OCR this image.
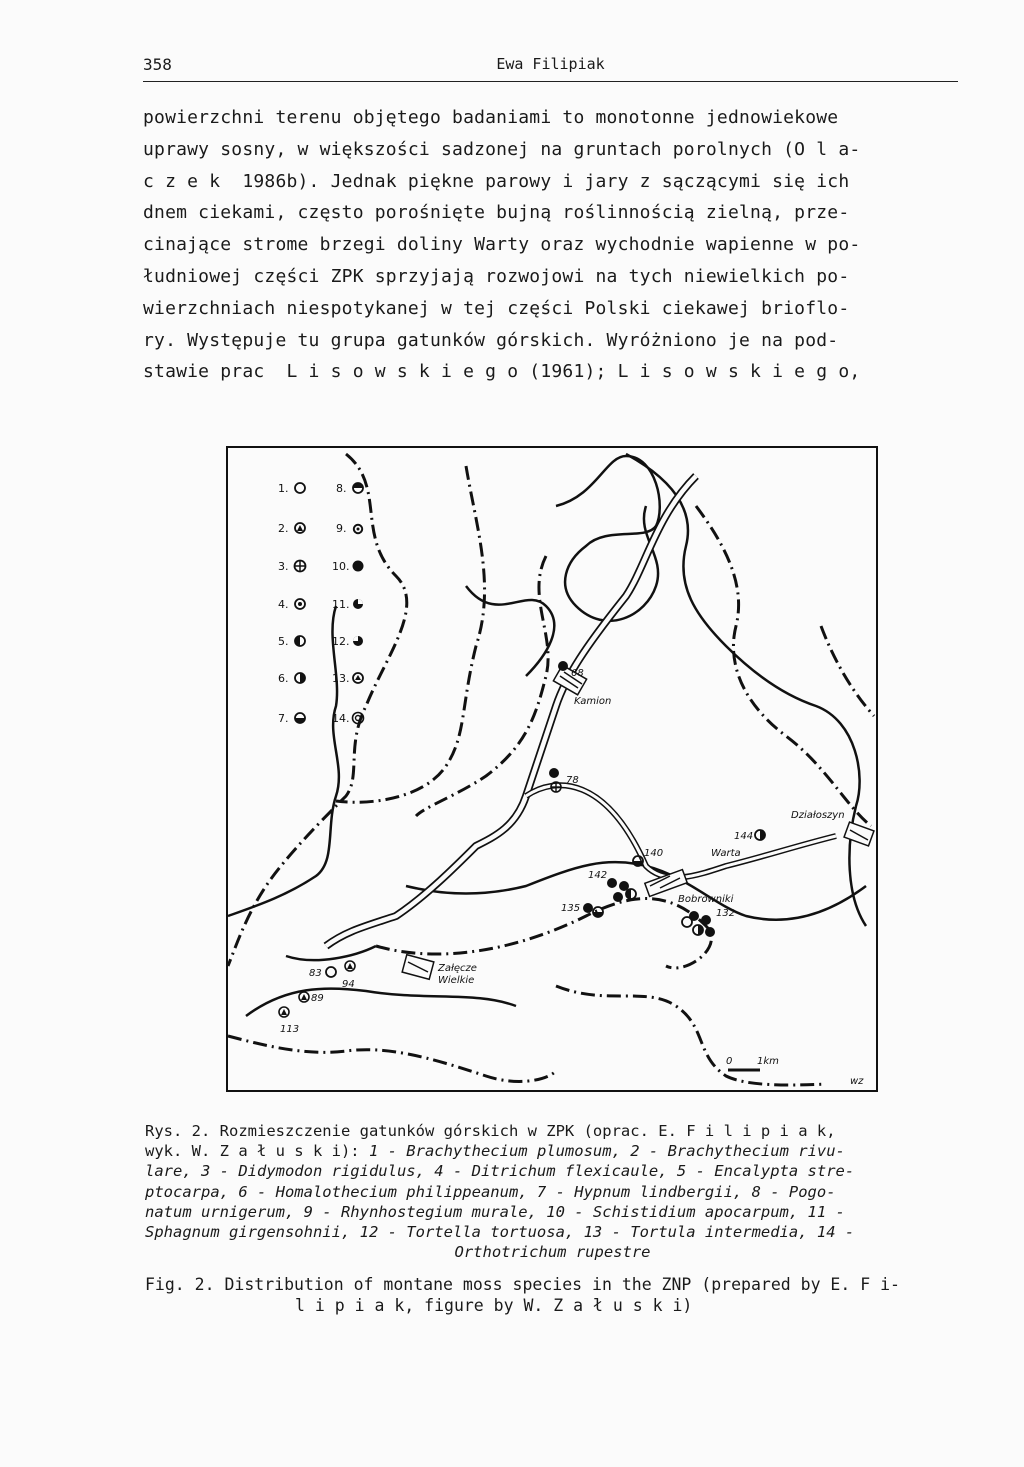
358	Ewa Filipiak
powierzchni terenu objętego badaniami to monotonne jednowiekowe
uprawy sosny, w większości sadzonej na gruntach porolnych (O l a-
c z e k  1986b). Jednak piękne parowy i jary z sączącymi się ich
dnem ciekami, często porośnięte bujną roślinnością zielną, prze-
cinające strome brzegi doliny Warty oraz wychodnie wapienne w po-
łudniowej części ZPK sprzyjają rozwojowi na tych niewielkich po-
wierzchniach niespotykanej w tej części Polski ciekawej brioflo-
ry. Występuje tu grupa gatunków górskich. Wyróżniono je na pod-
stawie prac  L i s o w s k i e g o (1961); L i s o w s k i e g o,
Kamion
Działoszyn
Warta
Bobrowniki
Załęcze
Wielkie
1.
2.
3.
4.
5.
6.
7.
8.
9.
10.
11.
12.
13.
14.
68
78
144
140
142
135	132
83
94
89
113
0 1km
wz
Rys. 2. Rozmieszczenie gatunków górskich w ZPK (oprac. E. F i l i p i a k,
wyk. W. Z a ł u s k i): 1 - Brachythecium plumosum, 2 - Brachythecium rivu-
lare, 3 - Didymodon rigidulus, 4 - Ditrichum flexicaule, 5 - Encalypta stre-
ptocarpa, 6 - Homalothecium philippeanum, 7 - Hypnum lindbergii, 8 - Pogo-
natum urnigerum, 9 - Rhynhostegium murale, 10 - Schistidium apocarpum, 11 -
Sphagnum girgensohnii, 12 - Tortella tortuosa, 13 - Tortula intermedia, 14 -
Orthotrichum rupestre
Fig. 2. Distribution of montane moss species in the ZNP (prepared by E. F i-
l i p i a k, figure by W. Z a ł u s k i)
